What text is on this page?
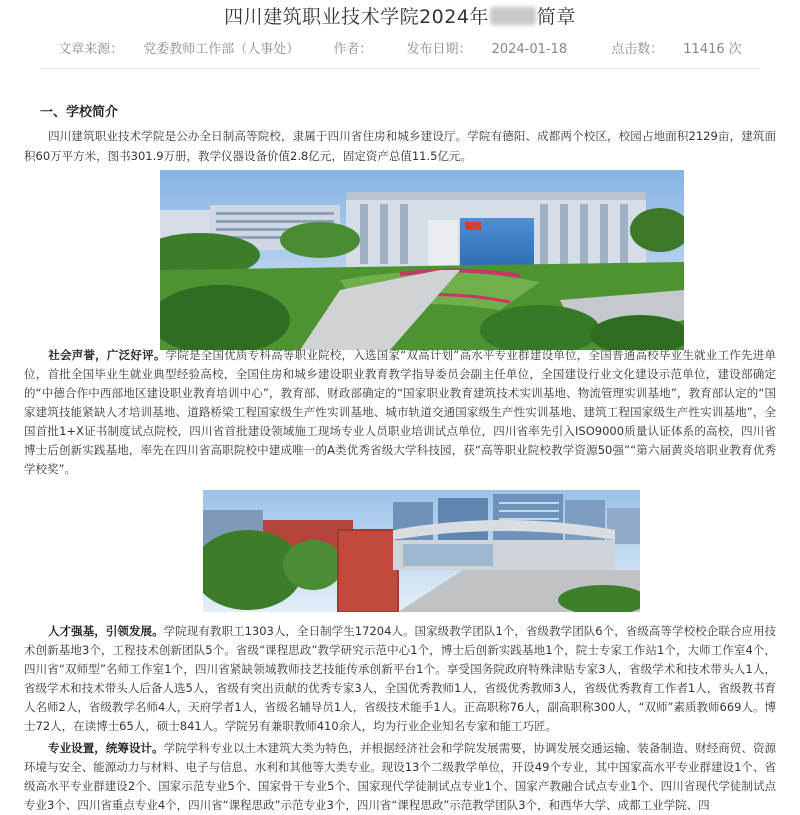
四川建筑职业技术学院2024年	简章
文章来源： 党委教师工作部（人事处）	作者：	发布日期： 2024-01-18	点击数： 11416 次
一、学校简介
四川建筑职业技术学院是公办全日制高等院校，隶属于四川省住房和城乡建设厅。学院有德阳、成都两个校区，校园占地面积2129亩，建筑面积60万平方米，图书301.9万册，教学仪器设备价值2.8亿元，固定资产总值11.5亿元。
社会声誉，广泛好评。学院是全国优质专科高等职业院校，入选国家“双高计划”高水平专业群建设单位，全国普通高校毕业生就业工作先进单位，首批全国毕业生就业典型经验高校，全国住房和城乡建设职业教育教学指导委员会副主任单位，全国建设行业文化建设示范单位，建设部确定的“中德合作中西部地区建设职业教育培训中心”，教育部、财政部确定的“国家职业教育建筑技术实训基地、物流管理实训基地”，教育部认定的“国家建筑技能紧缺人才培训基地、道路桥梁工程国家级生产性实训基地、城市轨道交通国家级生产性实训基地、建筑工程国家级生产性实训基地”，全国首批1+X证书制度试点院校，四川省首批建设领域施工现场专业人员职业培训试点单位，四川省率先引入ISO9000质量认证体系的高校，四川省博士后创新实践基地，率先在四川省高职院校中建成唯一的A类优秀省级大学科技园，获“高等职业院校教学资源50强”“第六届黄炎培职业教育优秀学校奖”。
人才强基，引领发展。学院现有教职工1303人，全日制学生17204人。国家级教学团队1个，省级教学团队6个，省级高等学校校企联合应用技术创新基地3个，工程技术创新团队5个。省级“课程思政”教学研究示范中心1个，博士后创新实践基地1个，院士专家工作站1个，大师工作室4个，四川省“双师型”名师工作室1个，四川省紧缺领域教师技艺技能传承创新平台1个。享受国务院政府特殊津贴专家3人，省级学术和技术带头人1人，省级学术和技术带头人后备人选5人，省级有突出贡献的优秀专家3人，全国优秀教师1人，省级优秀教师3人，省级优秀教育工作者1人，省级教书育人名师2人，省级教学名师4人，天府学者1人，省级名辅导员1人，省级技术能手1人。正高职称76人，副高职称300人，“双师”素质教师669人。博士72人，在读博士65人，硕士841人。学院另有兼职教师410余人，均为行业企业知名专家和能工巧匠。
专业设置，统筹设计。学院学科专业以土木建筑大类为特色，并根据经济社会和学院发展需要，协调发展交通运输、装备制造、财经商贸、资源环境与安全、能源动力与材料、电子与信息、水利和其他等大类专业。现设13个二级教学单位，开设49个专业，其中国家高水平专业群建设1个、省级高水平专业群建设2个、国家示范专业5个、国家骨干专业5个、国家现代学徒制试点专业1个、国家产教融合试点专业1个、四川省现代学徒制试点专业3个、四川省重点专业4个，四川省“课程思政”示范专业3个，四川省“课程思政”示范教学团队3个，和西华大学、成都工业学院、四
